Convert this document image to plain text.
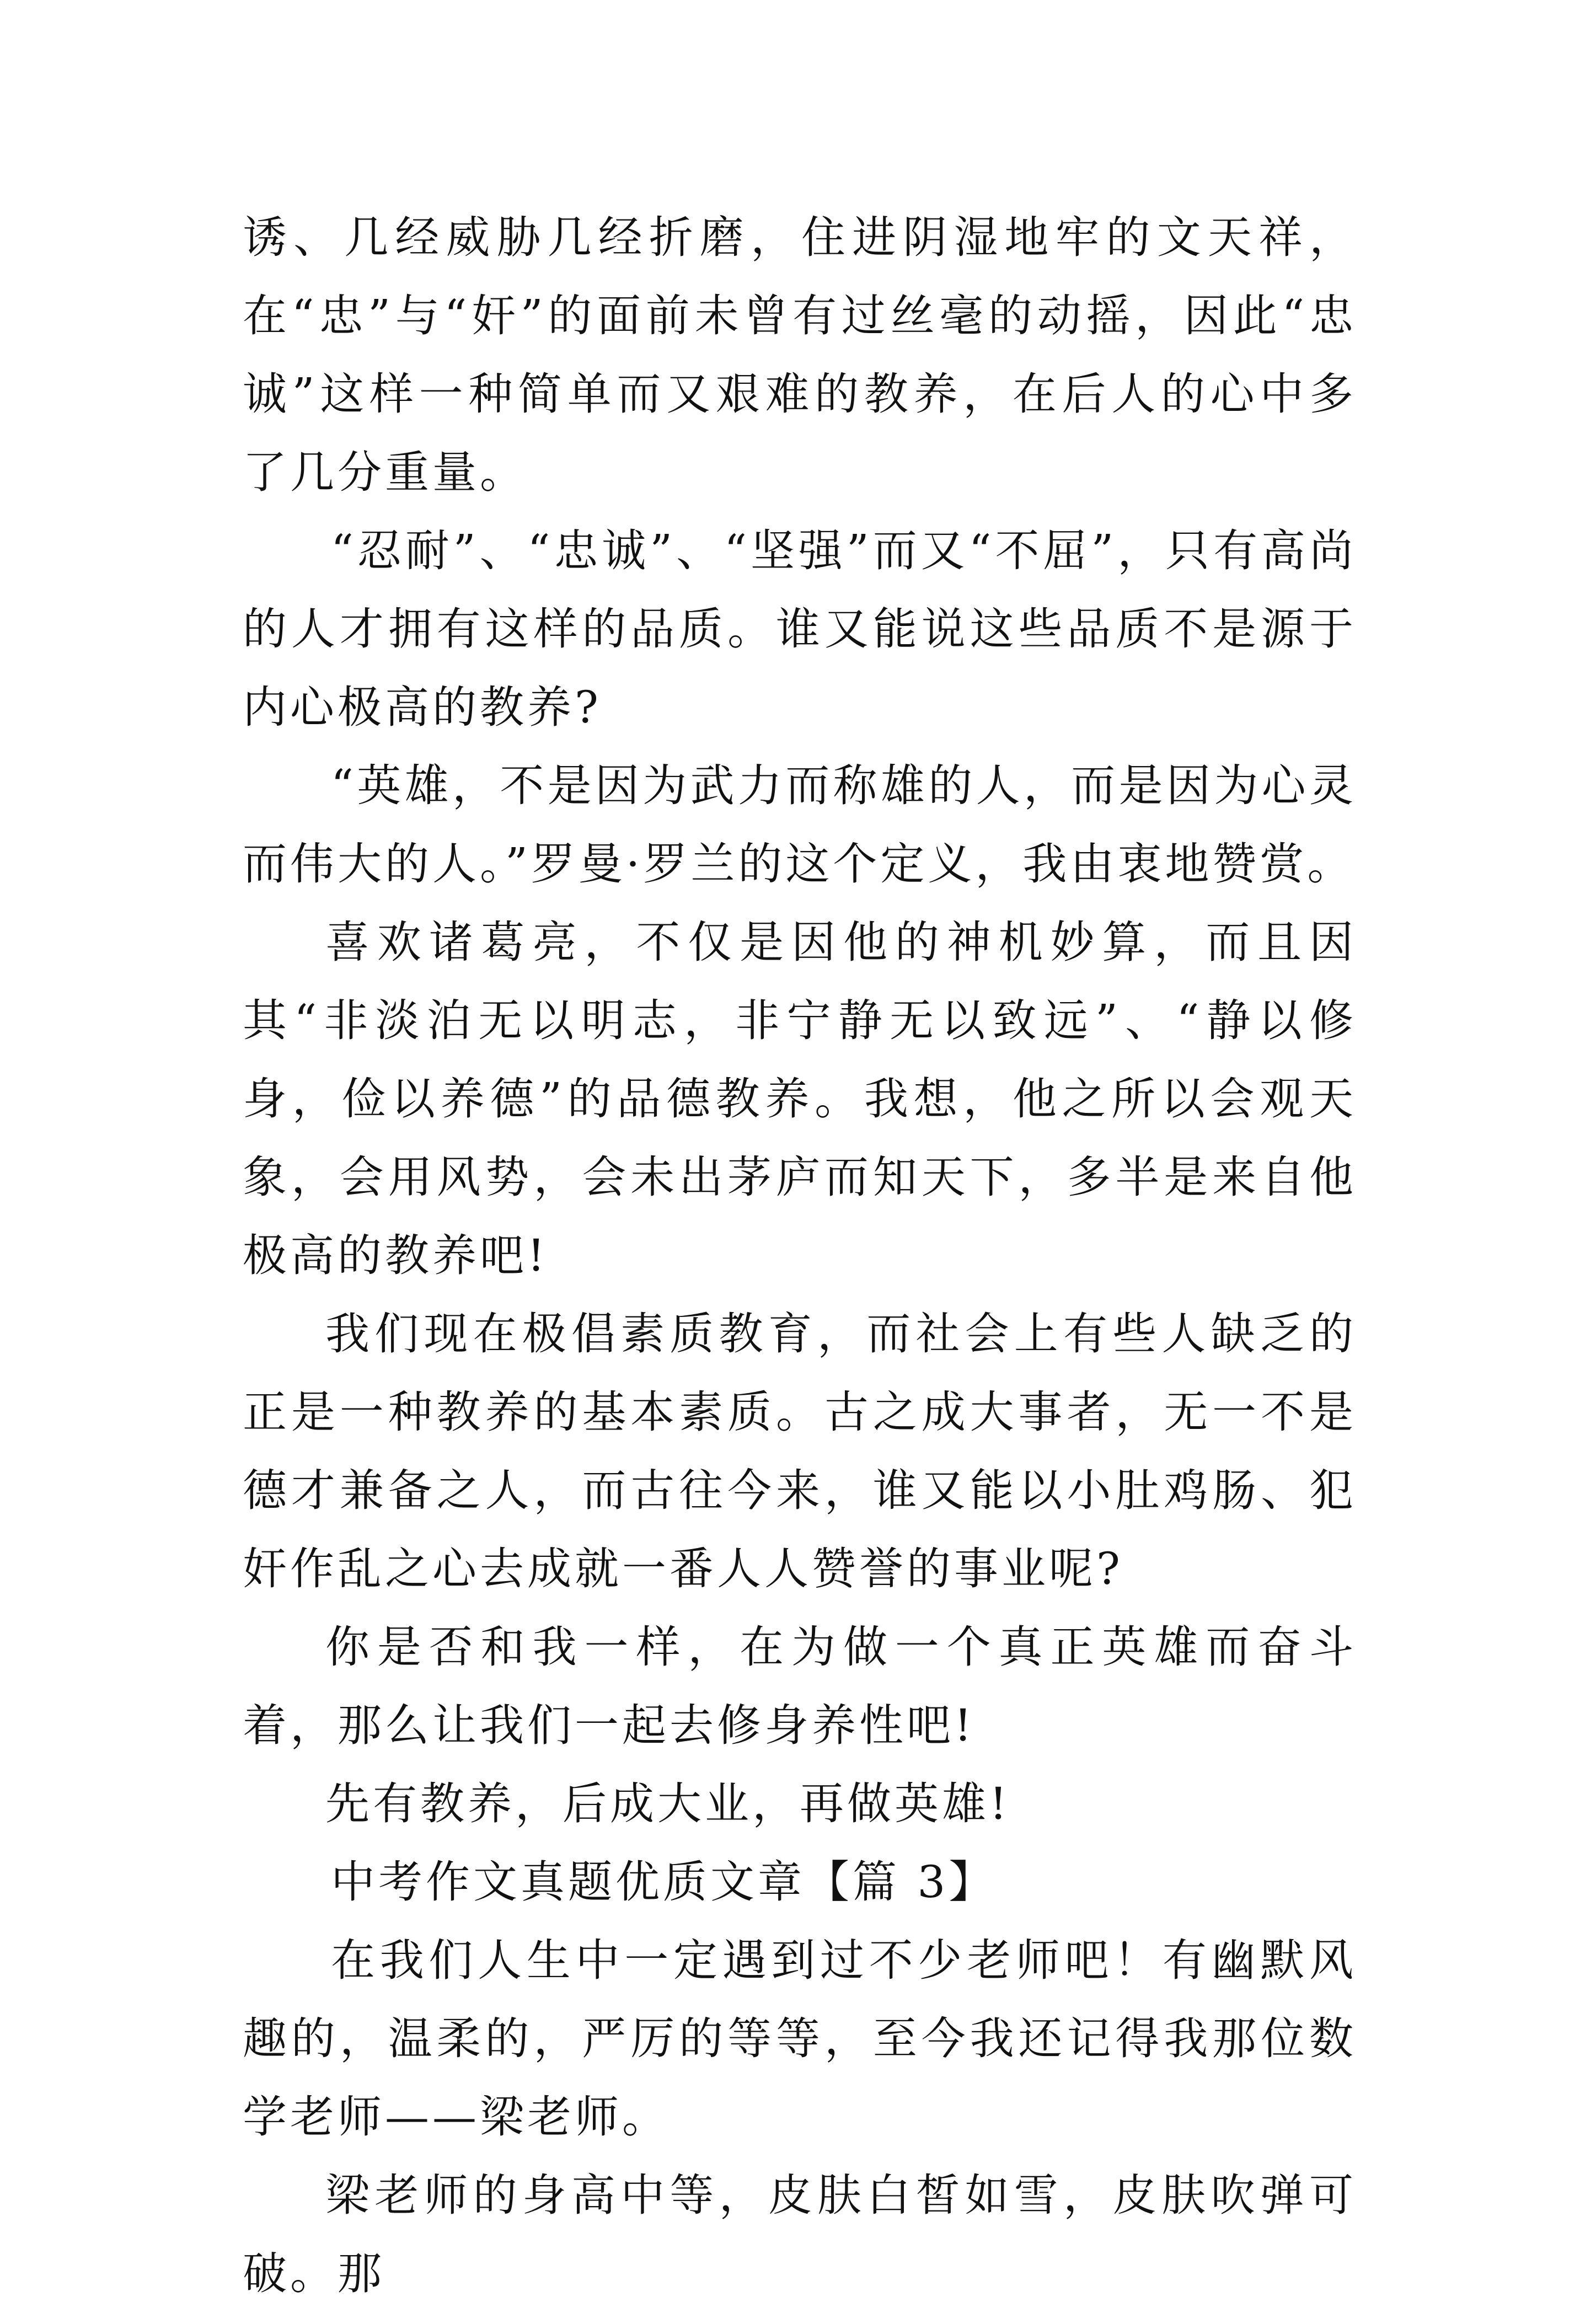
诱、几经威胁几经折磨，住进阴湿地牢的文天祥，在“忠”与“奸”的面前未曾有过丝毫的动摇，因此“忠诚”这样一种简单而又艰难的教养，在后人的心中多了几分重量。

“忍耐”、“忠诚”、“坚强”而又“不屈”，只有高尚的人才拥有这样的品质。谁又能说这些品质不是源于内心极高的教养?

“英雄，不是因为武力而称雄的人，而是因为心灵而伟大的人。”罗曼·罗兰的这个定义，我由衷地赞赏。

喜欢诸葛亮，不仅是因他的神机妙算，而且因其“非淡泊无以明志，非宁静无以致远”、“静以修身，俭以养德”的品德教养。我想，他之所以会观天象，会用风势，会未出茅庐而知天下，多半是来自他极高的教养吧!

我们现在极倡素质教育，而社会上有些人缺乏的正是一种教养的基本素质。古之成大事者，无一不是德才兼备之人，而古往今来，谁又能以小肚鸡肠、犯奸作乱之心去成就一番人人赞誉的事业呢?

你是否和我一样，在为做一个真正英雄而奋斗着，那么让我们一起去修身养性吧!

先有教养，后成大业，再做英雄!

中考作文真题优质文章【篇 3】

在我们人生中一定遇到过不少老师吧！有幽默风趣的，温柔的，严厉的等等，至今我还记得我那位数学老师——梁老师。

梁老师的身高中等，皮肤白皙如雪，皮肤吹弹可破。那
